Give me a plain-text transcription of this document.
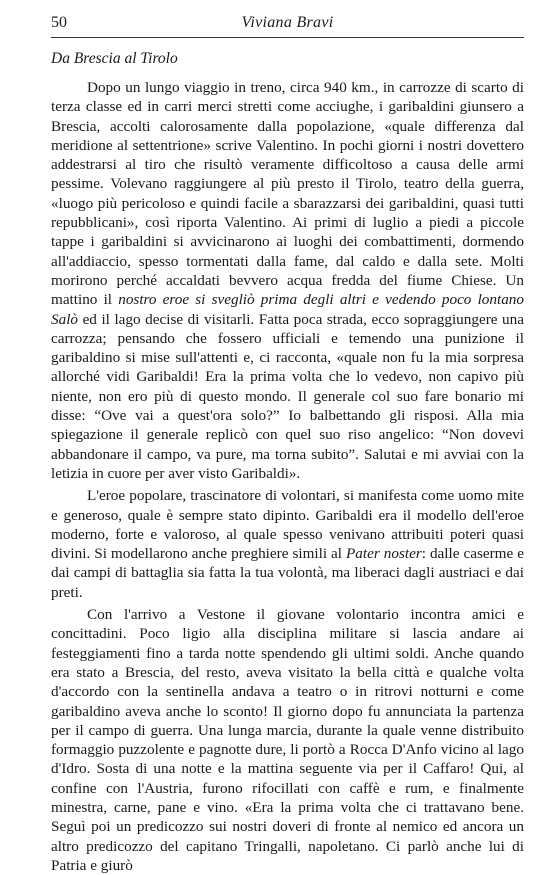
50	Viviana Bravi
Da Brescia al Tirolo

Dopo un lungo viaggio in treno, circa 940 km., in carrozze di scarto di terza classe ed in carri merci stretti come acciughe, i garibaldini giunsero a Brescia, accolti calorosamente dalla popolazione, «quale differenza dal meridione al settentrione» scrive Valentino. In pochi giorni i nostri dovettero addestrarsi al tiro che risultò veramente difficoltoso a causa delle armi pessime. Volevano raggiungere al più presto il Tirolo, teatro della guerra, «luogo più pericoloso e quindi facile a sbarazzarsi dei garibaldini, quasi tutti repubblicani», così riporta Valentino. Ai primi di luglio a piedi a piccole tappe i garibaldini si avvicinarono ai luoghi dei combattimenti, dormendo all'addiaccio, spesso tormentati dalla fame, dal caldo e dalla sete. Molti morirono perché accaldati bevvero acqua fredda del fiume Chiese. Un mattino il nostro eroe si svegliò prima degli altri e vedendo poco lontano Salò ed il lago decise di visitarli. Fatta poca strada, ecco sopraggiungere una carrozza; pensando che fossero ufficiali e temendo una punizione il garibaldino si mise sull'attenti e, ci racconta, «quale non fu la mia sorpresa allorché vidi Garibaldi! Era la prima volta che lo vedevo, non capivo più niente, non ero più di questo mondo. Il generale col suo fare bonario mi disse: “Ove vai a quest'ora solo?” Io balbettando gli risposi. Alla mia spiegazione il generale replicò con quel suo riso angelico: “Non dovevi abbandonare il campo, va pure, ma torna subito”. Salutai e mi avviai con la letizia in cuore per aver visto Garibaldi».

L'eroe popolare, trascinatore di volontari, si manifesta come uomo mite e generoso, quale è sempre stato dipinto. Garibaldi era il modello dell'eroe moderno, forte e valoroso, al quale spesso venivano attribuiti poteri quasi divini. Si modellarono anche preghiere simili al Pater noster: dalle caserme e dai campi di battaglia sia fatta la tua volontà, ma liberaci dagli austriaci e dai preti.

Con l'arrivo a Vestone il giovane volontario incontra amici e concittadini. Poco ligio alla disciplina militare si lascia andare ai festeggiamenti fino a tarda notte spendendo gli ultimi soldi. Anche quando era stato a Brescia, del resto, aveva visitato la bella città e qualche volta d'accordo con la sentinella andava a teatro o in ritrovi notturni e come garibaldino aveva anche lo sconto! Il giorno dopo fu annunciata la partenza per il campo di guerra. Una lunga marcia, durante la quale venne distribuito formaggio puzzolente e pagnotte dure, li portò a Rocca D'Anfo vicino al lago d'Idro. Sosta di una notte e la mattina seguente via per il Caffaro! Qui, al confine con l'Austria, furono rifocillati con caffè e rum, e finalmente minestra, carne, pane e vino. «Era la prima volta che ci trattavano bene. Seguì poi un predicozzo sui nostri doveri di fronte al nemico ed ancora un altro predicozzo del capitano Tringalli, napoletano. Ci parlò anche lui di Patria e giurò
